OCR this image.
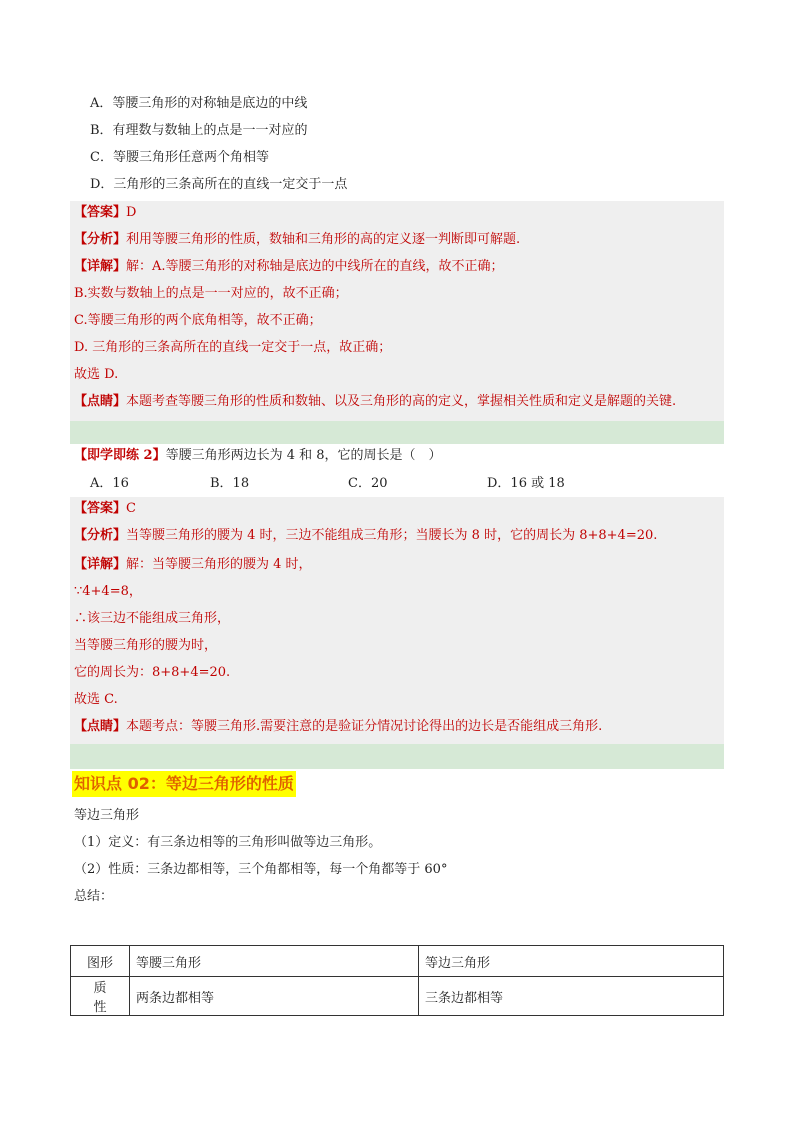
A．等腰三角形的对称轴是底边的中线
B．有理数与数轴上的点是一一对应的
C．等腰三角形任意两个角相等
D．三角形的三条高所在的直线一定交于一点
【答案】D
【分析】利用等腰三角形的性质，数轴和三角形的高的定义逐一判断即可解题.
【详解】解：A.等腰三角形的对称轴是底边的中线所在的直线，故不正确；
B.实数与数轴上的点是一一对应的，故不正确；
C.等腰三角形的两个底角相等，故不正确；
D. 三角形的三条高所在的直线一定交于一点，故正确；
故选 D.
【点睛】本题考查等腰三角形的性质和数轴、以及三角形的高的定义，掌握相关性质和定义是解题的关键.
【即学即练 2】等腰三角形两边长为 4 和 8，它的周长是（　）
A．16	B．18	C．20	D．16 或 18
【答案】C
【分析】当等腰三角形的腰为 4 时，三边不能组成三角形；当腰长为 8 时，它的周长为 8+8+4=20.
【详解】解：当等腰三角形的腰为 4 时，
∵4+4=8，
∴该三边不能组成三角形，
当等腰三角形的腰为时，
它的周长为：8+8+4=20.
故选 C.
【点睛】本题考点：等腰三角形.需要注意的是验证分情况讨论得出的边长是否能组成三角形.
知识点 02：等边三角形的性质
等边三角形
（1）定义：有三条边相等的三角形叫做等边三角形。
（2）性质：三条边都相等，三个角都相等，每一个角都等于 60°
总结：
图形	等腰三角形	等边三角形
质　　性	两条边都相等	三条边都相等
